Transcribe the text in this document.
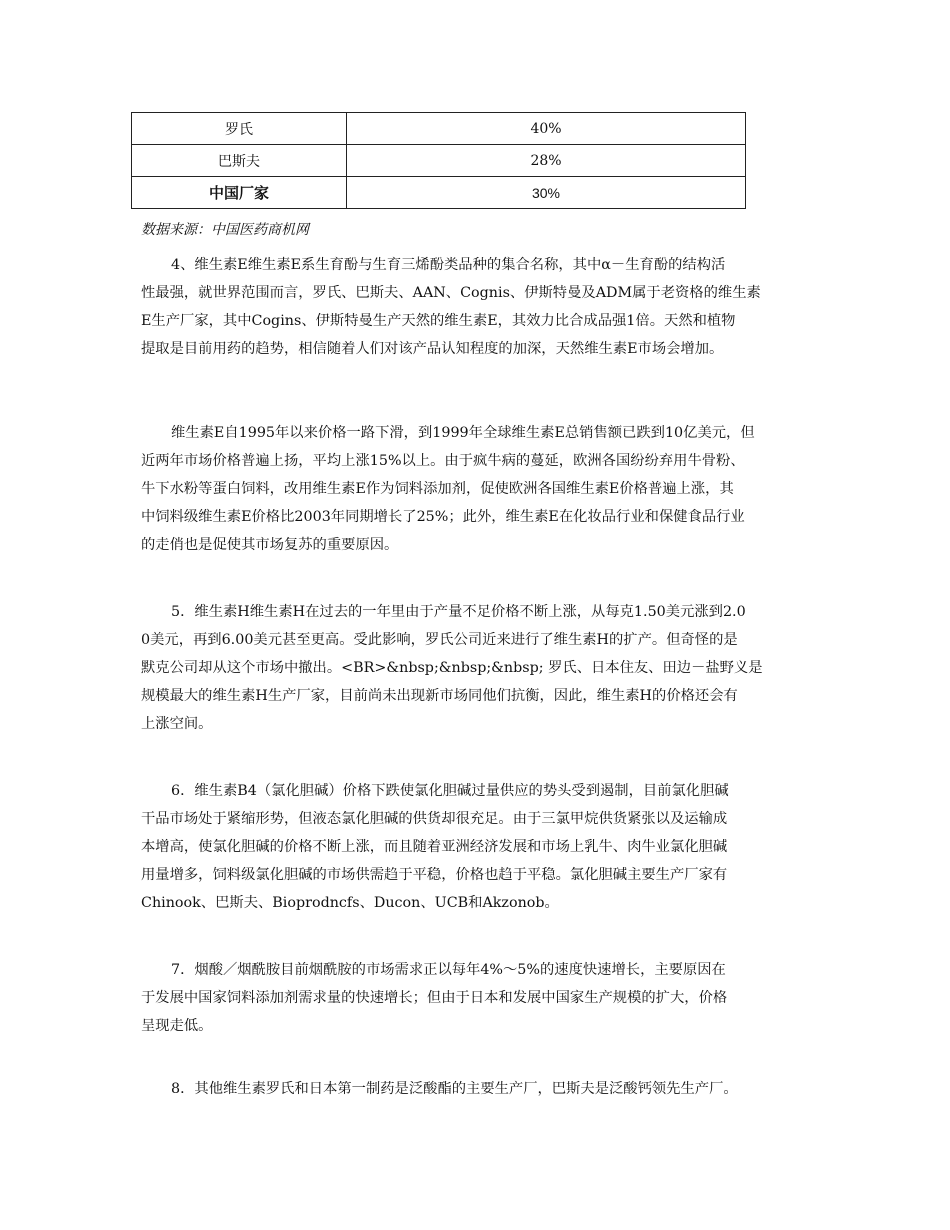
罗氏	40%
巴斯夫	28%
中国厂家	30%
数据来源：中国医药商机网
4、维生素E维生素E系生育酚与生育三烯酚类品种的集合名称，其中α－生育酚的结构活
性最强，就世界范围而言，罗氏、巴斯夫、AAN、Cognis、伊斯特曼及ADM属于老资格的维生素
E生产厂家，其中Cogins、伊斯特曼生产天然的维生素E，其效力比合成品强1倍。天然和植物
提取是目前用药的趋势，相信随着人们对该产品认知程度的加深，天然维生素E市场会增加。
维生素E自1995年以来价格一路下滑，到1999年全球维生素E总销售额已跌到10亿美元，但
近两年市场价格普遍上扬，平均上涨15%以上。由于疯牛病的蔓延，欧洲各国纷纷弃用牛骨粉、
牛下水粉等蛋白饲料，改用维生素E作为饲料添加剂，促使欧洲各国维生素E价格普遍上涨，其
中饲料级维生素E价格比2003年同期增长了25%；此外，维生素E在化妆品行业和保健食品行业
的走俏也是促使其市场复苏的重要原因。
5．维生素H维生素H在过去的一年里由于产量不足价格不断上涨，从每克1.50美元涨到2.0
0美元，再到6.00美元甚至更高。受此影响，罗氏公司近来进行了维生素H的扩产。但奇怪的是
默克公司却从这个市场中撤出。<BR>&nbsp;&nbsp;&nbsp; 罗氏、日本住友、田边－盐野义是
规模最大的维生素H生产厂家，目前尚未出现新市场同他们抗衡，因此，维生素H的价格还会有
上涨空间。
6．维生素B4（氯化胆碱）价格下跌使氯化胆碱过量供应的势头受到遏制，目前氯化胆碱
干品市场处于紧缩形势，但液态氯化胆碱的供货却很充足。由于三氯甲烷供货紧张以及运输成
本增高，使氯化胆碱的价格不断上涨，而且随着亚洲经济发展和市场上乳牛、肉牛业氯化胆碱
用量增多，饲料级氯化胆碱的市场供需趋于平稳，价格也趋于平稳。氯化胆碱主要生产厂家有
Chinook、巴斯夫、Bioprodncfs、Ducon、UCB和Akzonob。
7．烟酸／烟酰胺目前烟酰胺的市场需求正以每年4%～5%的速度快速增长，主要原因在
于发展中国家饲料添加剂需求量的快速增长；但由于日本和发展中国家生产规模的扩大，价格
呈现走低。
8．其他维生素罗氏和日本第一制药是泛酸酯的主要生产厂，巴斯夫是泛酸钙领先生产厂。
